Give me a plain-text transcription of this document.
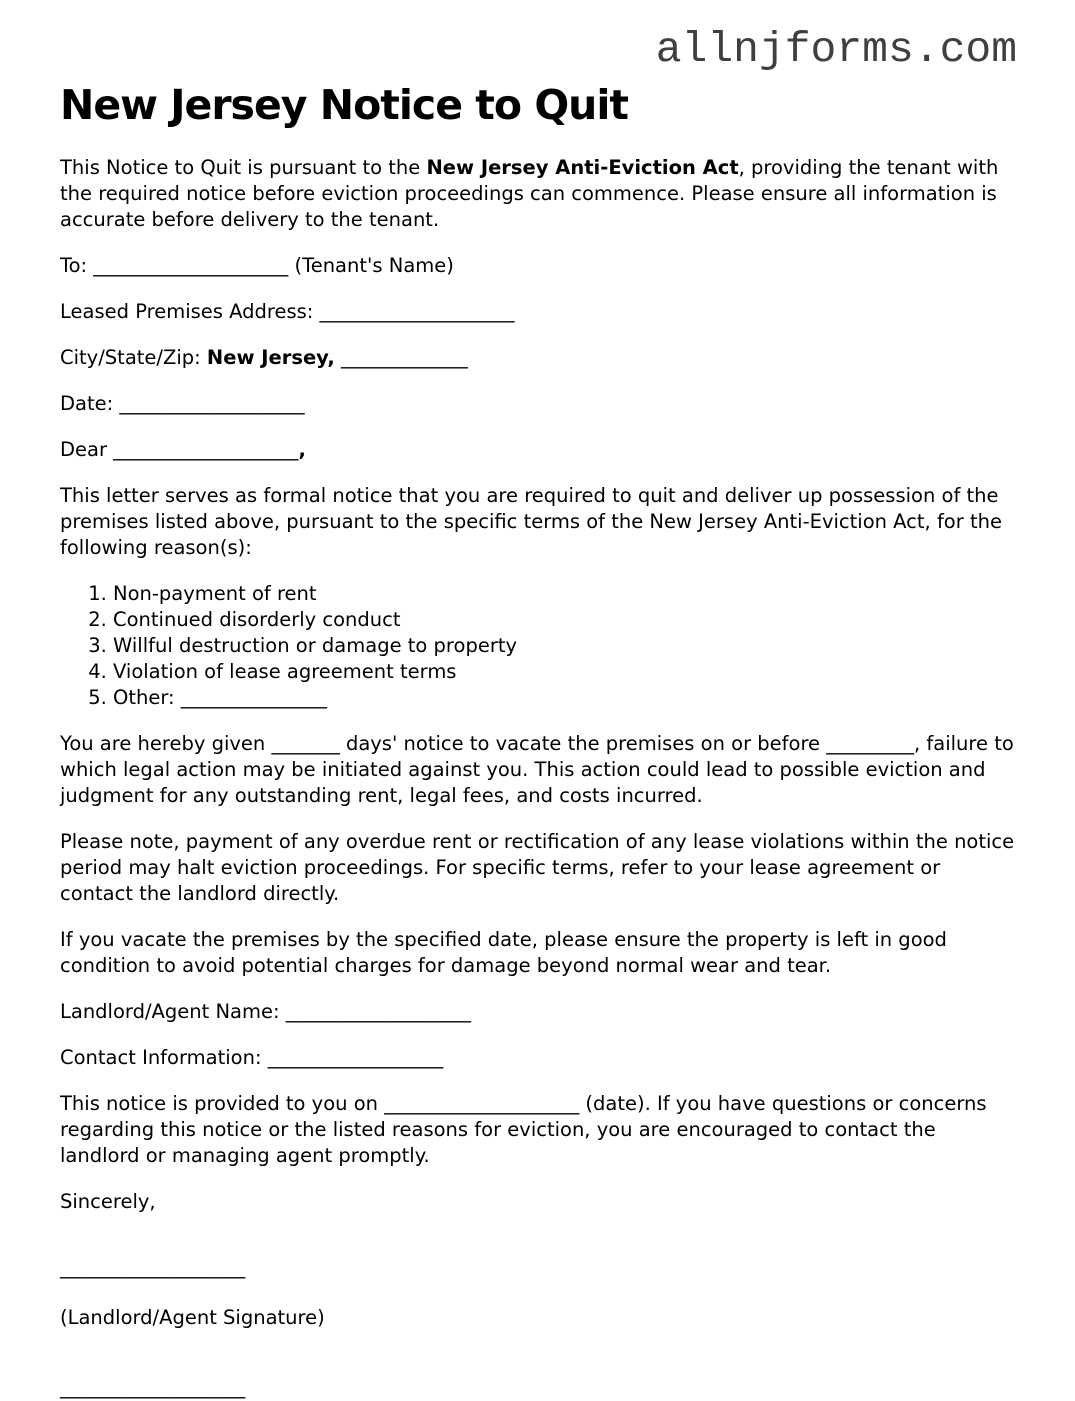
allnjforms.com
New Jersey Notice to Quit

This Notice to Quit is pursuant to the New Jersey Anti-Eviction Act, providing the tenant with the required notice before eviction proceedings can commence. Please ensure all information is accurate before delivery to the tenant.

To: ____________________ (Tenant's Name)

Leased Premises Address: ____________________

City/State/Zip: New Jersey, _____________

Date: ___________________

Dear ___________________,

This letter serves as formal notice that you are required to quit and deliver up possession of the premises listed above, pursuant to the specific terms of the New Jersey Anti-Eviction Act, for the following reason(s):

1. Non-payment of rent
2. Continued disorderly conduct
3. Willful destruction or damage to property
4. Violation of lease agreement terms
5. Other: _______________

You are hereby given _______ days' notice to vacate the premises on or before _________, failure to which legal action may be initiated against you. This action could lead to possible eviction and judgment for any outstanding rent, legal fees, and costs incurred.

Please note, payment of any overdue rent or rectification of any lease violations within the notice period may halt eviction proceedings. For specific terms, refer to your lease agreement or contact the landlord directly.

If you vacate the premises by the specified date, please ensure the property is left in good condition to avoid potential charges for damage beyond normal wear and tear.

Landlord/Agent Name: ___________________

Contact Information: __________________

This notice is provided to you on ____________________ (date). If you have questions or concerns regarding this notice or the listed reasons for eviction, you are encouraged to contact the landlord or managing agent promptly.

Sincerely,

___________________

(Landlord/Agent Signature)

___________________
